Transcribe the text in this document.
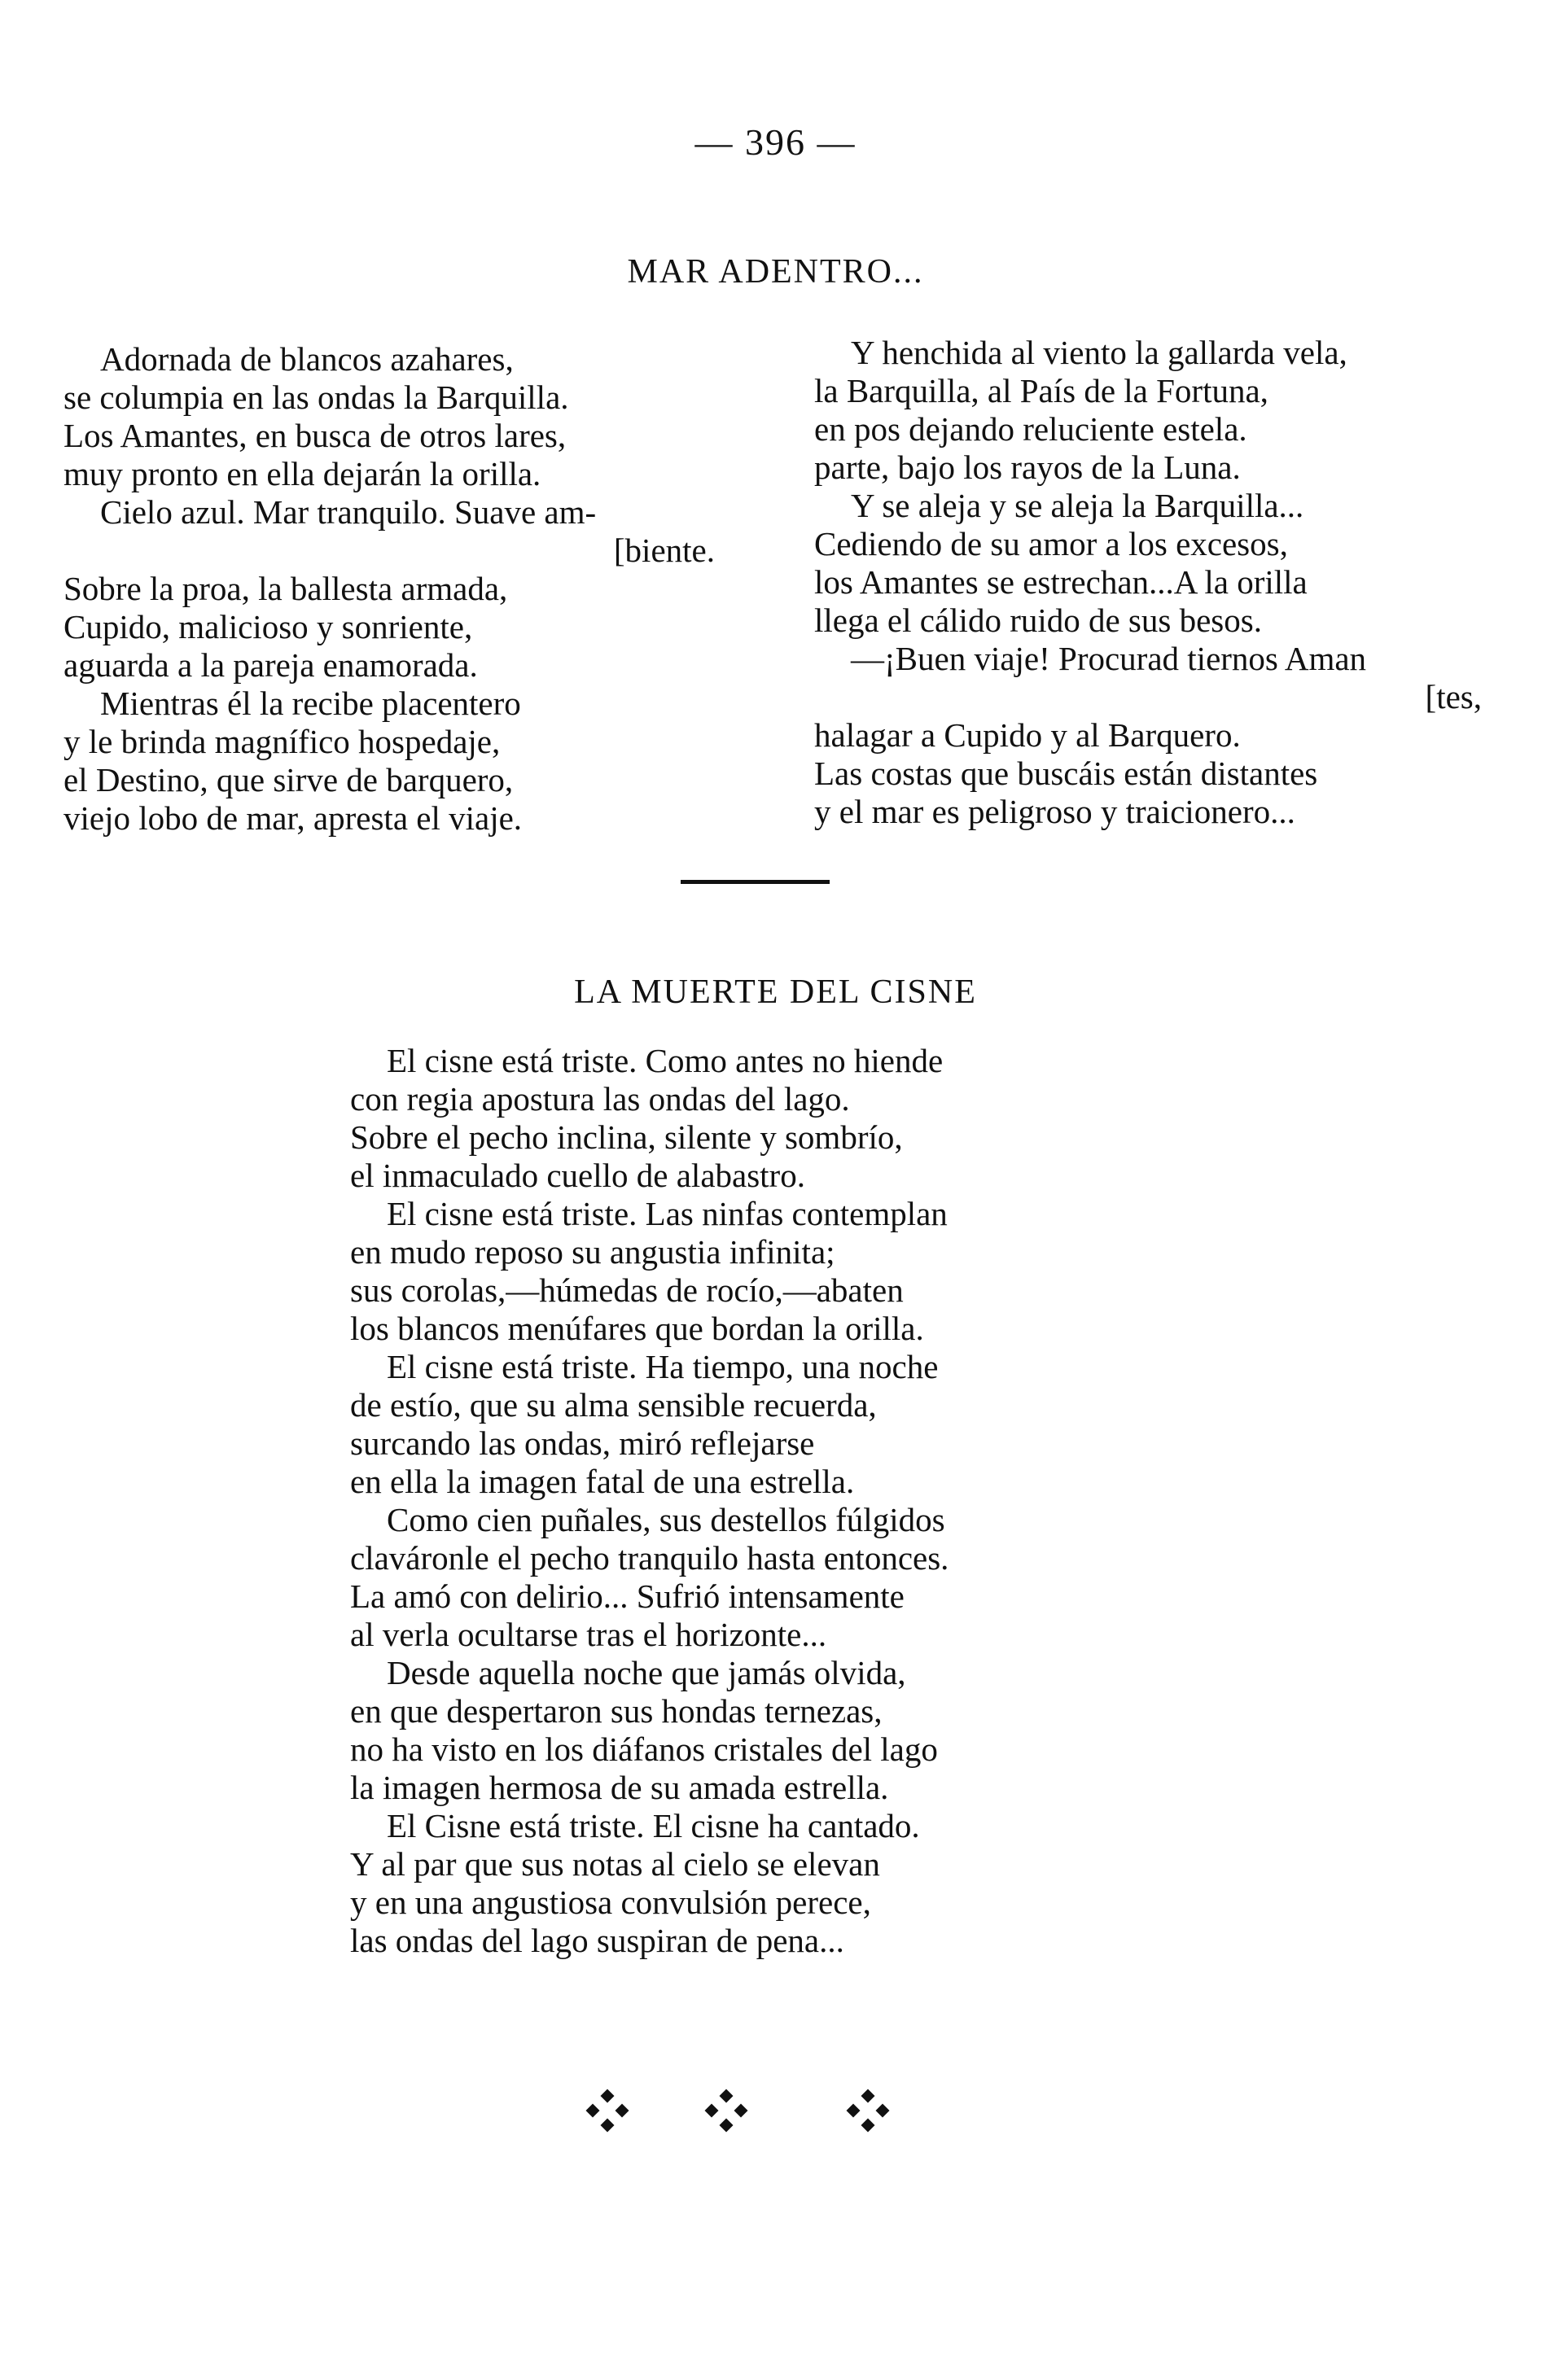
— 396 —
MAR ADENTRO...
Adornada de blancos azahares,
se columpia en las ondas la Barquilla.
Los Amantes, en busca de otros lares,
muy pronto en ella dejarán la orilla.
Cielo azul. Mar tranquilo. Suave am-
[biente.
Sobre la proa, la ballesta armada,
Cupido, malicioso y sonriente,
aguarda a la pareja enamorada.
Mientras él la recibe placentero
y le brinda magnífico hospedaje,
el Destino, que sirve de barquero,
viejo lobo de mar, apresta el viaje.
Y henchida al viento la gallarda vela,
la Barquilla, al País de la Fortuna,
en pos dejando reluciente estela.
parte, bajo los rayos de la Luna.
Y se aleja y se aleja la Barquilla...
Cediendo de su amor a los excesos,
los Amantes se estrechan...A la orilla
llega el cálido ruido de sus besos.
—¡Buen viaje! Procurad tiernos Aman
[tes,
halagar a Cupido y al Barquero.
Las costas que buscáis están distantes
y el mar es peligroso y traicionero...
LA MUERTE DEL CISNE
El cisne está triste. Como antes no hiende
con regia apostura las ondas del lago.
Sobre el pecho inclina, silente y sombrío,
el inmaculado cuello de alabastro.
El cisne está triste. Las ninfas contemplan
en mudo reposo su angustia infinita;
sus corolas,—húmedas de rocío,—abaten
los blancos menúfares que bordan la orilla.
El cisne está triste. Ha tiempo, una noche
de estío, que su alma sensible recuerda,
surcando las ondas, miró reflejarse
en ella la imagen fatal de una estrella.
Como cien puñales, sus destellos fúlgidos
claváronle el pecho tranquilo hasta entonces.
La amó con delirio... Sufrió intensamente
al verla ocultarse tras el horizonte...
Desde aquella noche que jamás olvida,
en que despertaron sus hondas ternezas,
no ha visto en los diáfanos cristales del lago
la imagen hermosa de su amada estrella.
El Cisne está triste. El cisne ha cantado.
Y al par que sus notas al cielo se elevan
y en una angustiosa convulsión perece,
las ondas del lago suspiran de pena...
